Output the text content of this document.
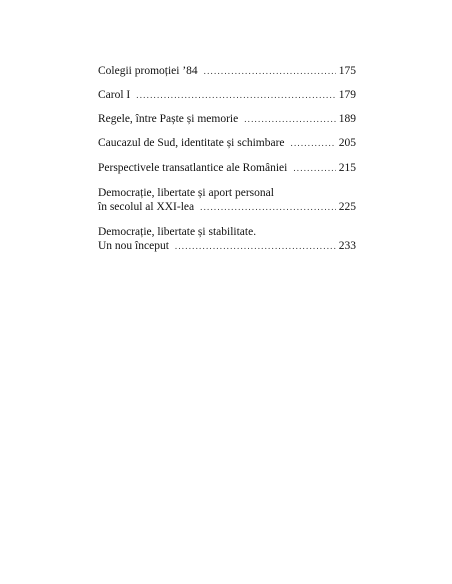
Colegii promoției ’84 .....	175
Carol I .....	179
Regele, între Paște și memorie .....	189
Caucazul de Sud, identitate și schimbare .....	205
Perspectivele transatlantice ale României .....	215
Democrație, libertate și aport personal
în secolul al XXI-lea .....	225
Democrație, libertate și stabilitate.
Un nou început .....	233
